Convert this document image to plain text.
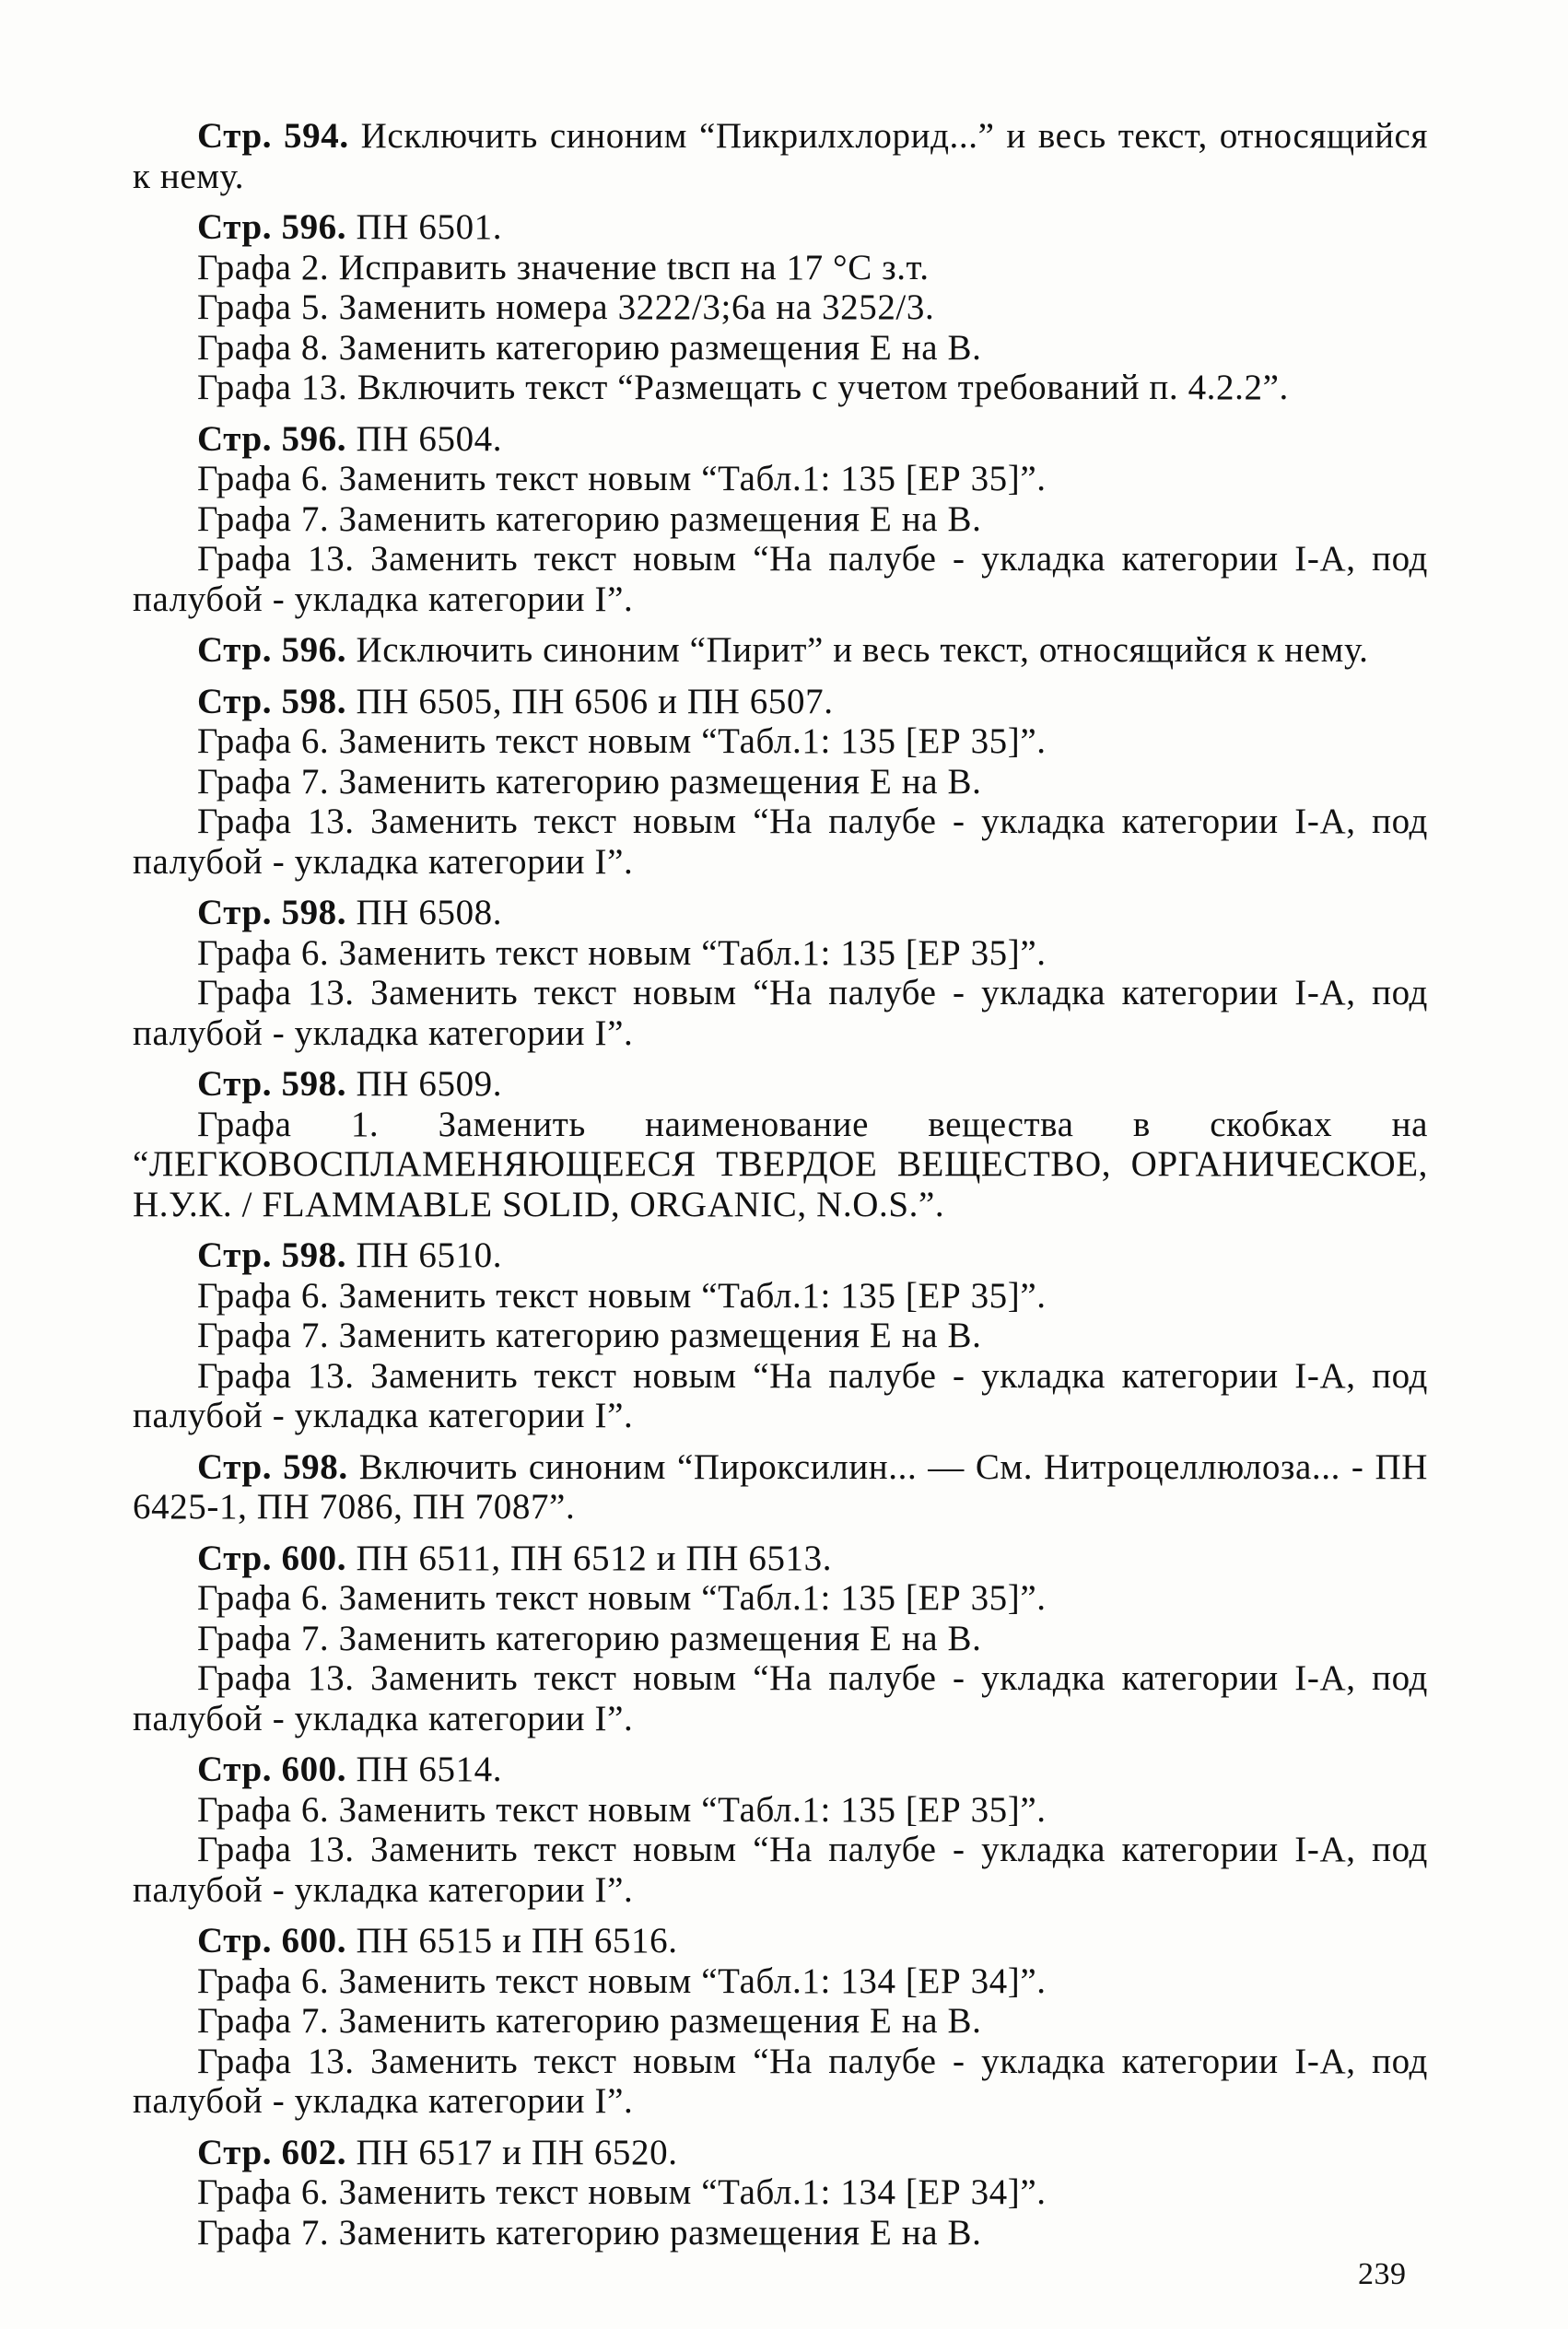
Стр. 594. Исключить синоним “Пикрилхлорид...” и весь текст, относящийся к нему.

Стр. 596. ПН 6501.

Графа 2. Исправить значение tвсп на 17 °C з.т.

Графа 5. Заменить номера 3222/3;6а на 3252/3.

Графа 8. Заменить категорию размещения Е на В.

Графа 13. Включить текст “Размещать с учетом требований п. 4.2.2”.

Стр. 596. ПН 6504.

Графа 6. Заменить текст новым “Табл.1: 135 [ЕР 35]”.

Графа 7. Заменить категорию размещения Е на В.

Графа 13. Заменить текст новым “На палубе - укладка категории I-А, под палубой - укладка категории I”.

Стр. 596. Исключить синоним “Пирит” и весь текст, относящийся к нему.

Стр. 598. ПН 6505, ПН 6506 и ПН 6507.

Графа 6. Заменить текст новым “Табл.1: 135 [ЕР 35]”.

Графа 7. Заменить категорию размещения Е на В.

Графа 13. Заменить текст новым “На палубе - укладка категории I-А, под палубой - укладка категории I”.

Стр. 598. ПН 6508.

Графа 6. Заменить текст новым “Табл.1: 135 [ЕР 35]”.

Графа 13. Заменить текст новым “На палубе - укладка категории I-А, под палубой - укладка категории I”.

Стр. 598. ПН 6509.

Графа 1. Заменить наименование вещества в скобках на “ЛЕГКОВОСПЛАМЕНЯЮЩЕЕСЯ ТВЕРДОЕ ВЕЩЕСТВО, ОРГАНИЧЕСКОЕ, Н.У.К. / FLAMMABLE SOLID, ORGANIC, N.O.S.”.

Стр. 598. ПН 6510.

Графа 6. Заменить текст новым “Табл.1: 135 [ЕР 35]”.

Графа 7. Заменить категорию размещения Е на В.

Графа 13. Заменить текст новым “На палубе - укладка категории I-А, под палубой - укладка категории I”.

Стр. 598. Включить синоним “Пироксилин... — См. Нитроцеллюлоза... - ПН 6425-1, ПН 7086, ПН 7087”.

Стр. 600. ПН 6511, ПН 6512 и ПН 6513.

Графа 6. Заменить текст новым “Табл.1: 135 [ЕР 35]”.

Графа 7. Заменить категорию размещения Е на В.

Графа 13. Заменить текст новым “На палубе - укладка категории I-А, под палубой - укладка категории I”.

Стр. 600. ПН 6514.

Графа 6. Заменить текст новым “Табл.1: 135 [ЕР 35]”.

Графа 13. Заменить текст новым “На палубе - укладка категории I-А, под палубой - укладка категории I”.

Стр. 600. ПН 6515 и ПН 6516.

Графа 6. Заменить текст новым “Табл.1: 134 [ЕР 34]”.

Графа 7. Заменить категорию размещения Е на В.

Графа 13. Заменить текст новым “На палубе - укладка категории I-А, под палубой - укладка категории I”.

Стр. 602. ПН 6517 и ПН 6520.

Графа 6. Заменить текст новым “Табл.1: 134 [ЕР 34]”.

Графа 7. Заменить категорию размещения Е на В.

239
